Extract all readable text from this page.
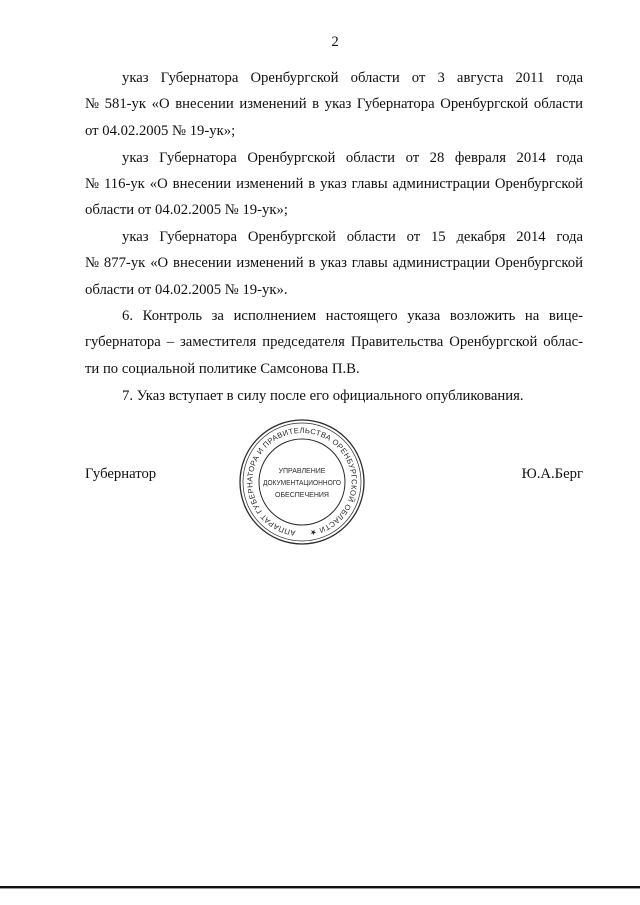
2
указ Губернатора Оренбургской области от 3 августа 2011 года
№ 581-ук «О внесении изменений в указ Губернатора Оренбургской области
от 04.02.2005 № 19-ук»;
указ Губернатора Оренбургской области от 28 февраля 2014 года
№ 116-ук «О внесении изменений в указ главы администрации Оренбургской
области от 04.02.2005 № 19-ук»;
указ Губернатора Оренбургской области от 15 декабря 2014 года
№ 877-ук «О внесении изменений в указ главы администрации Оренбургской
области от 04.02.2005 № 19-ук».
6. Контроль за исполнением настоящего указа возложить на вице-
губернатора – заместителя председателя Правительства Оренбургской облас-
ти по социальной политике Самсонова П.В.
7. Указ вступает в силу после его официального опубликования.
Губернатор	Ю.А.Берг
АППАРАТ ГУБЕРНАТОРА И ПРАВИТЕЛЬСТВА ОРЕНБУРГСКОЙ ОБЛАСТИ ★
УПРАВЛЕНИЕ
ДОКУМЕНТАЦИОННОГО
ОБЕСПЕЧЕНИЯ
